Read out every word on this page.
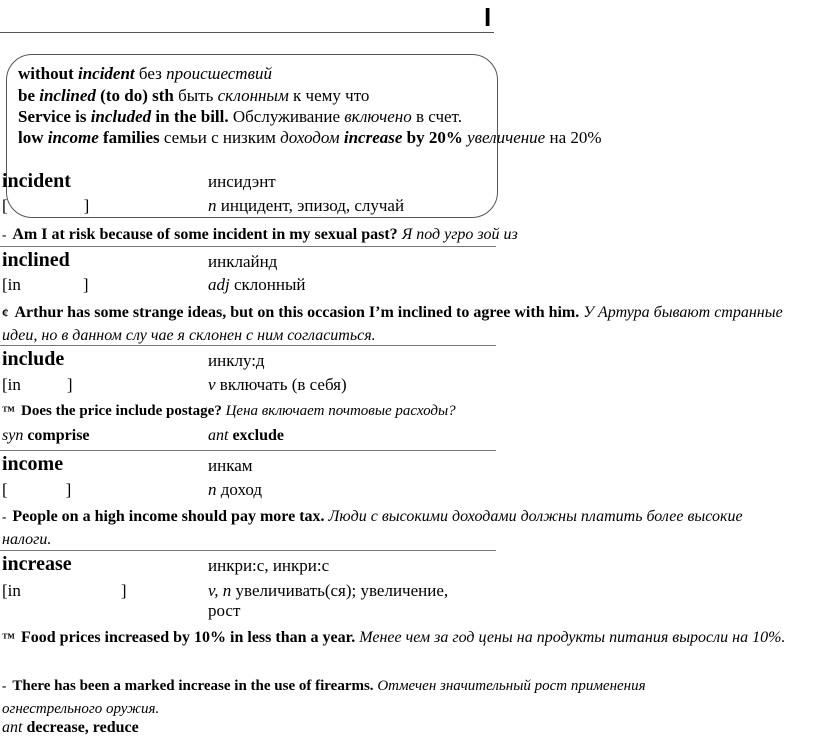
I
without incident без происшествий
be inclined (to do) sth быть склонным к чему что
Service is included in the bill. Обслуживание включено в счет.
low income families семьи с низким доходом increase by 20% увеличение на 20%
incident	инсидэнт
[	]	n инцидент, эпизод, случай
- Am I at risk because of some incident in my sexual past? Я под угро зой из
inclined	инклайнд
[in	]	adj склонный
¢ Arthur has some strange ideas, but on this occasion I’m inclined to agree with him. У Артура бывают странные идеи, но в данном слу чае я склонен с ним согласиться.
include	инклу:д
[in	]	v включать (в себя)
™ Does the price include postage? Цена включает почтовые расходы?
syn comprise	ant exclude
income	инкам
[	]	n доход
- People on a high income should pay more tax. Люди с высокими доходами должны платить более высокие налоги.
increase	инкри:с, инкри:с
[in	]	v, n увеличивать(ся); увеличение,
рост
™ Food prices increased by 10% in less than a year. Менее чем за год цены на продукты питания выросли на 10%.
- There has been a marked increase in the use of firearms. Отмечен значительный рост применения огнестрельного оружия.
ant decrease, reduce
